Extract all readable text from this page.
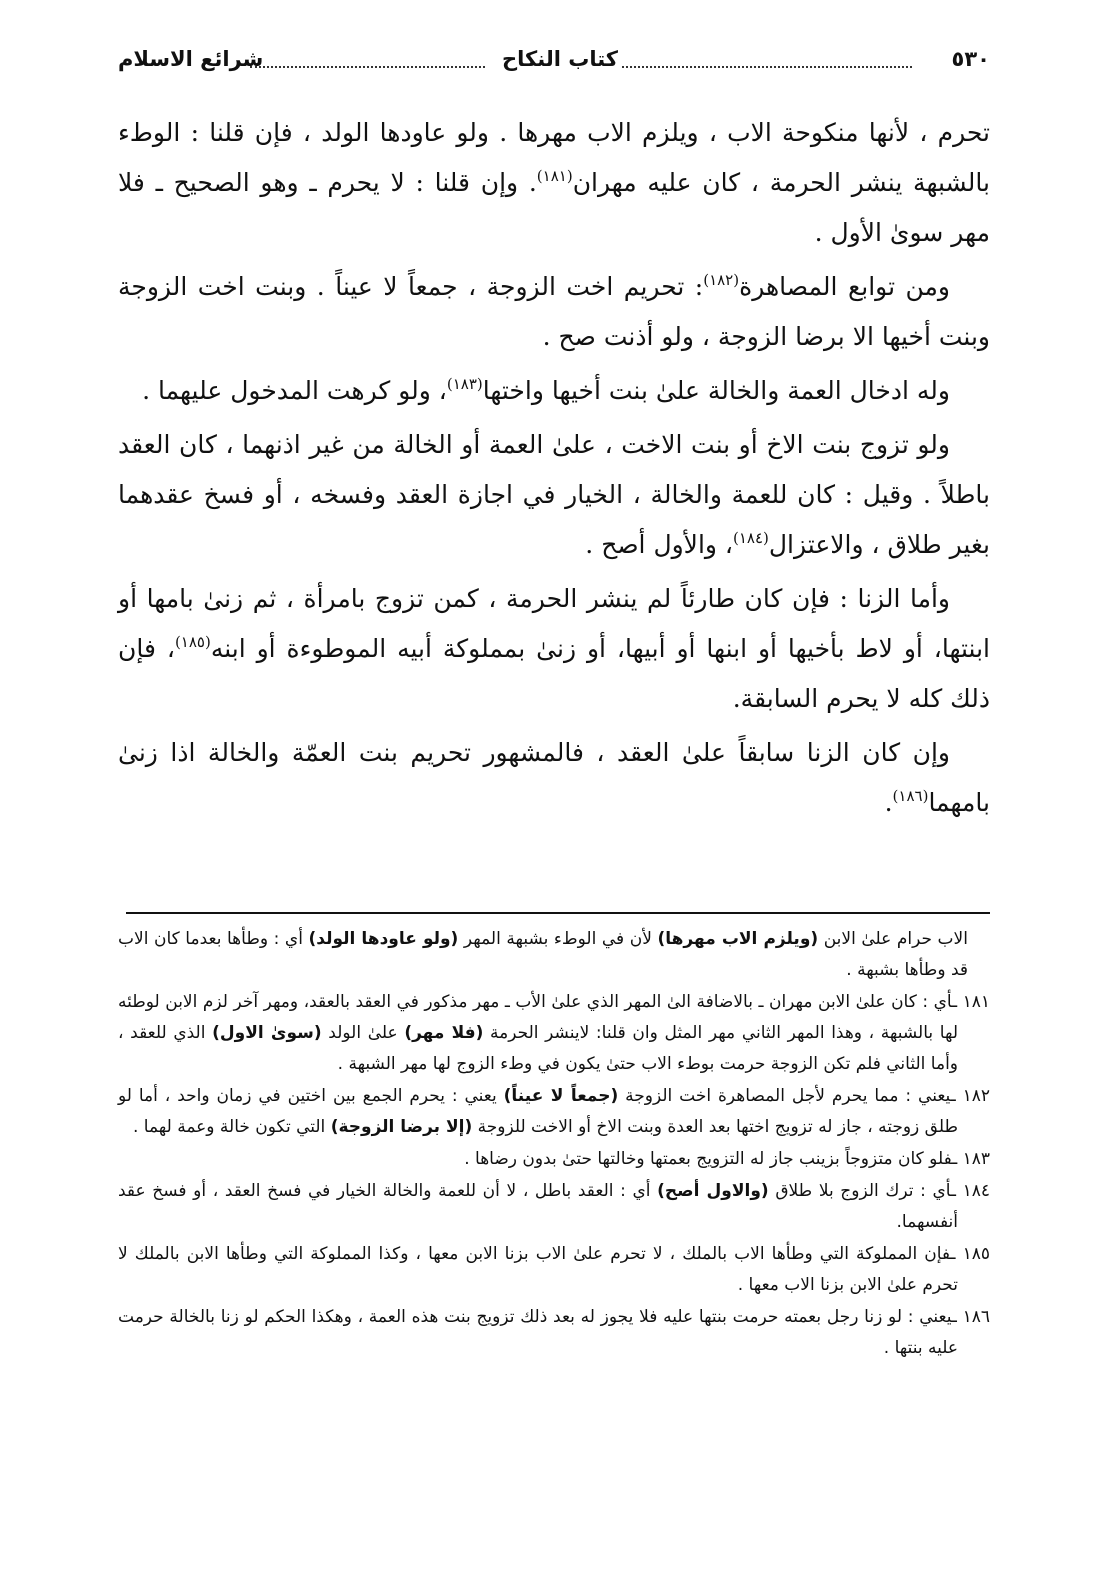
٥٣٠
كتاب النكاح
شرائع الاسلام

تحرم ، لأنها منكوحة الاب ، ويلزم الاب مهرها . ولو عاودها الولد ، فإن قلنا : الوطء بالشبهة ينشر الحرمة ، كان عليه مهران$^{(١٨١)}$. وإن قلنا : لا يحرم ـ وهو الصحيح ـ فلا مهر سوىٰ الأول .

ومن توابع المصاهرة$^{(١٨٢)}$: تحريم اخت الزوجة ، جمعاً لا عيناً . وبنت اخت الزوجة وبنت أخيها الا برضا الزوجة ، ولو أذنت صح .

وله ادخال العمة والخالة علىٰ بنت أخيها واختها$^{(١٨٣)}$، ولو كرهت المدخول عليهما .

ولو تزوج بنت الاخ أو بنت الاخت ، علىٰ العمة أو الخالة من غير اذنهما ، كان العقد باطلاً . وقيل : كان للعمة والخالة ، الخيار في اجازة العقد وفسخه ، أو فسخ عقدهما بغير طلاق ، والاعتزال$^{(١٨٤)}$، والأول أصح .

وأما الزنا : فإن كان طارئاً لم ينشر الحرمة ، كمن تزوج بامرأة ، ثم زنىٰ بامها أو ابنتها، أو لاط بأخيها أو ابنها أو أبيها، أو زنىٰ بمملوكة أبيه الموطوءة أو ابنه$^{(١٨٥)}$، فإن ذلك كله لا يحرم السابقة.

وإن كان الزنا سابقاً علىٰ العقد ، فالمشهور تحريم بنت العمّة والخالة اذا زنىٰ بامهما$^{(١٨٦)}$.

الاب حرام علىٰ الابن (ويلزم الاب مهرها) لأن في الوطء بشبهة المهر (ولو عاودها الولد) أي : وطأها بعدما كان الاب قد وطأها بشبهة .

١٨١ ـأي : كان علىٰ الابن مهران ـ بالاضافة الىٰ المهر الذي علىٰ الأب ـ مهر مذكور في العقد بالعقد، ومهر آخر لزم الابن لوطئه لها بالشبهة ، وهذا المهر الثاني مهر المثل وان قلنا: لاينشر الحرمة (فلا مهر) علىٰ الولد (سوىٰ الاول) الذي للعقد ، وأما الثاني فلم تكن الزوجة حرمت بوطء الاب حتىٰ يكون في وطء الزوج لها مهر الشبهة .

١٨٢ ـيعني : مما يحرم لأجل المصاهرة اخت الزوجة (جمعاً لا عيناً) يعني : يحرم الجمع بين اختين في زمان واحد ، أما لو طلق زوجته ، جاز له تزويج اختها بعد العدة وبنت الاخ أو الاخت للزوجة (إلا برضا الزوجة) التي تكون خالة وعمة لهما .

١٨٣ ـفلو كان متزوجاً بزينب جاز له التزويج بعمتها وخالتها حتىٰ بدون رضاها .

١٨٤ ـأي : ترك الزوج بلا طلاق (والاول أصح) أي : العقد باطل ، لا أن للعمة والخالة الخيار في فسخ العقد ، أو فسخ عقد أنفسهما.

١٨٥ ـفإن المملوكة التي وطأها الاب بالملك ، لا تحرم علىٰ الاب بزنا الابن معها ، وكذا المملوكة التي وطأها الابن بالملك لا تحرم علىٰ الابن بزنا الاب معها .

١٨٦ ـيعني : لو زنا رجل بعمته حرمت بنتها عليه فلا يجوز له بعد ذلك تزويج بنت هذه العمة ، وهكذا الحكم لو زنا بالخالة حرمت عليه بنتها .
